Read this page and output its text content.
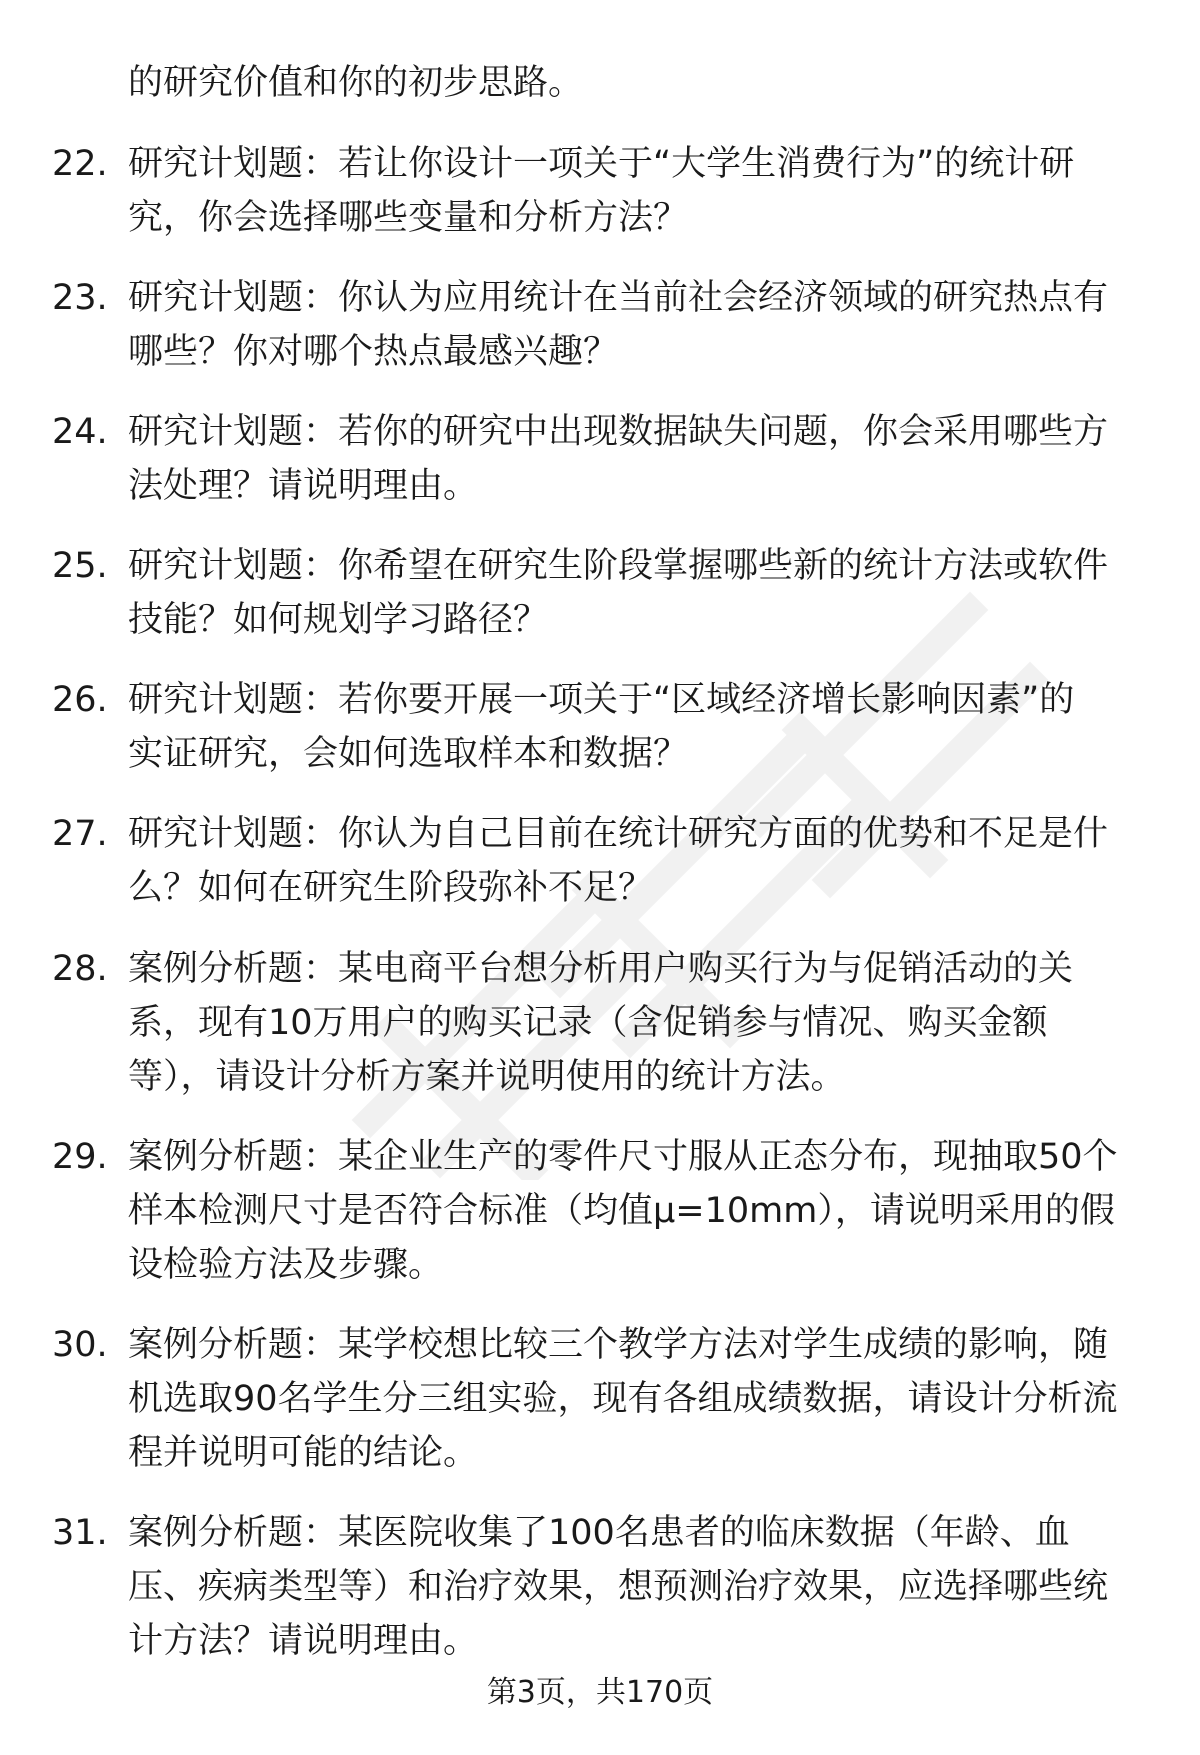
的研究价值和你的初步思路。
22. 研究计划题：若让你设计一项关于“大学生消费行为”的统计研
究，你会选择哪些变量和分析方法？
23. 研究计划题：你认为应用统计在当前社会经济领域的研究热点有
哪些？你对哪个热点最感兴趣？
24. 研究计划题：若你的研究中出现数据缺失问题，你会采用哪些方
法处理？请说明理由。
25. 研究计划题：你希望在研究生阶段掌握哪些新的统计方法或软件
技能？如何规划学习路径？
26. 研究计划题：若你要开展一项关于“区域经济增长影响因素”的
实证研究，会如何选取样本和数据？
27. 研究计划题：你认为自己目前在统计研究方面的优势和不足是什
么？如何在研究生阶段弥补不足？
28. 案例分析题：某电商平台想分析用户购买行为与促销活动的关
系，现有10万用户的购买记录（含促销参与情况、购买金额
等），请设计分析方案并说明使用的统计方法。
29. 案例分析题：某企业生产的零件尺寸服从正态分布，现抽取50个
样本检测尺寸是否符合标准（均值μ=10mm），请说明采用的假
设检验方法及步骤。
30. 案例分析题：某学校想比较三个教学方法对学生成绩的影响，随
机选取90名学生分三组实验，现有各组成绩数据，请设计分析流
程并说明可能的结论。
31. 案例分析题：某医院收集了100名患者的临床数据（年龄、血
压、疾病类型等）和治疗效果，想预测治疗效果，应选择哪些统
计方法？请说明理由。
第3页，共170页
